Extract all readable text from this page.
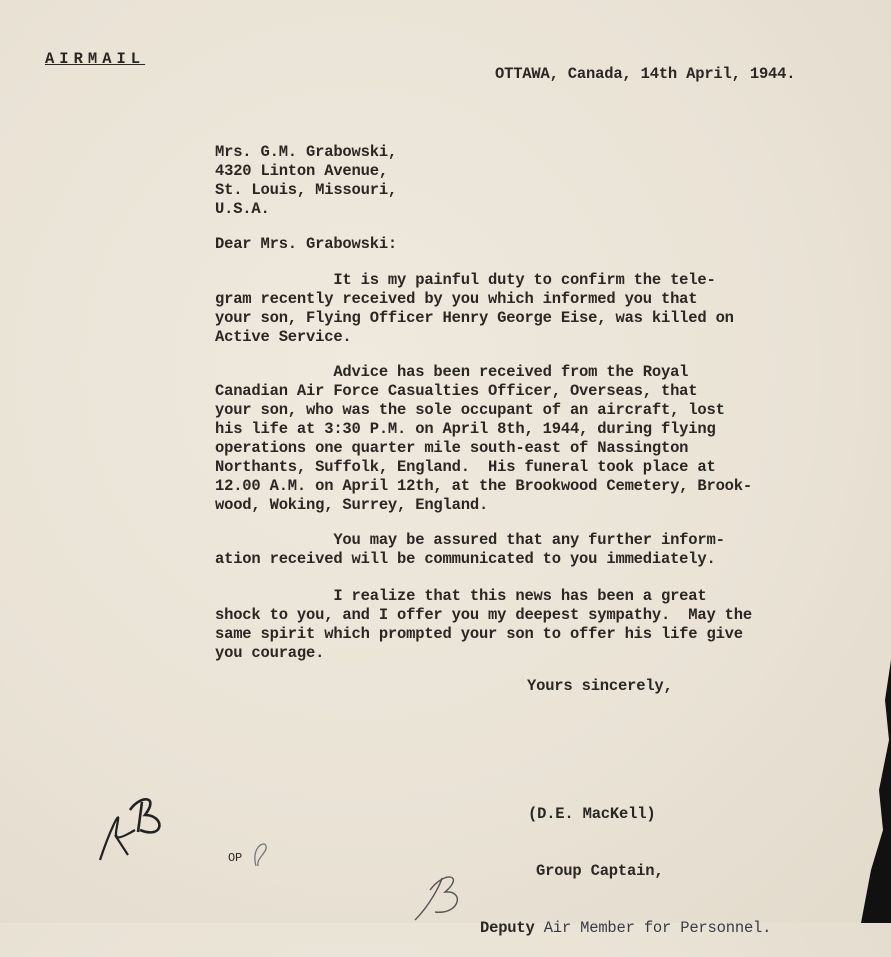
AIRMAIL
OTTAWA, Canada, 14th April, 1944.
Mrs. G.M. Grabowski,
4320 Linton Avenue,
St. Louis, Missouri,
U.S.A.
Dear Mrs. Grabowski:
It is my painful duty to confirm the tele-
gram recently received by you which informed you that
your son, Flying Officer Henry George Eise, was killed on
Active Service.
Advice has been received from the Royal
Canadian Air Force Casualties Officer, Overseas, that
your son, who was the sole occupant of an aircraft, lost
his life at 3:30 P.M. on April 8th, 1944, during flying
operations one quarter mile south-east of Nassington
Northants, Suffolk, England.  His funeral took place at
12.00 A.M. on April 12th, at the Brookwood Cemetery, Brook-
wood, Woking, Surrey, England.
You may be assured that any further inform-
ation received will be communicated to you immediately.
I realize that this news has been a great
shock to you, and I offer you my deepest sympathy.  May the
same spirit which prompted your son to offer his life give
you courage.
Yours sincerely,

(D.E. MacKell)

Group Captain,

Deputy Air Member for Personnel.

OP
